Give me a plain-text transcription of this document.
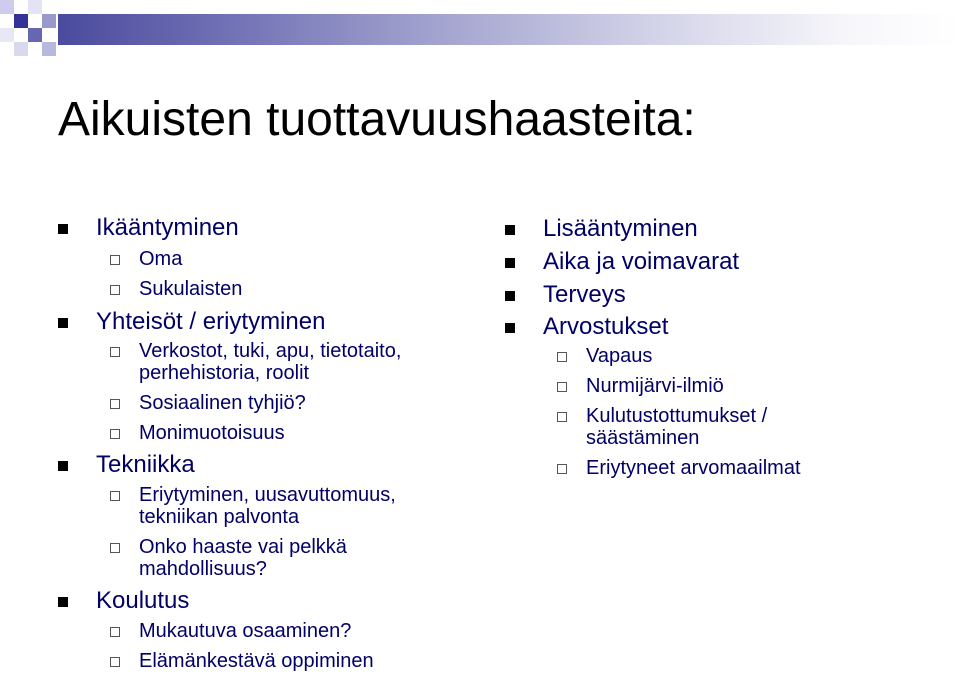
Aikuisten tuottavuushaasteita:
Ikääntyminen
Oma
Sukulaisten
Yhteisöt / eriytyminen
Verkostot, tuki, apu, tietotaito,
perhehistoria, roolit
Sosiaalinen tyhjiö?
Monimuotoisuus
Tekniikka
Eriytyminen, uusavuttomuus,
tekniikan palvonta
Onko haaste vai pelkkä
mahdollisuus?
Koulutus
Mukautuva osaaminen?
Elämänkestävä oppiminen
Lisääntyminen
Aika ja voimavarat
Terveys
Arvostukset
Vapaus
Nurmijärvi-ilmiö
Kulutustottumukset /
säästäminen
Eriytyneet arvomaailmat
